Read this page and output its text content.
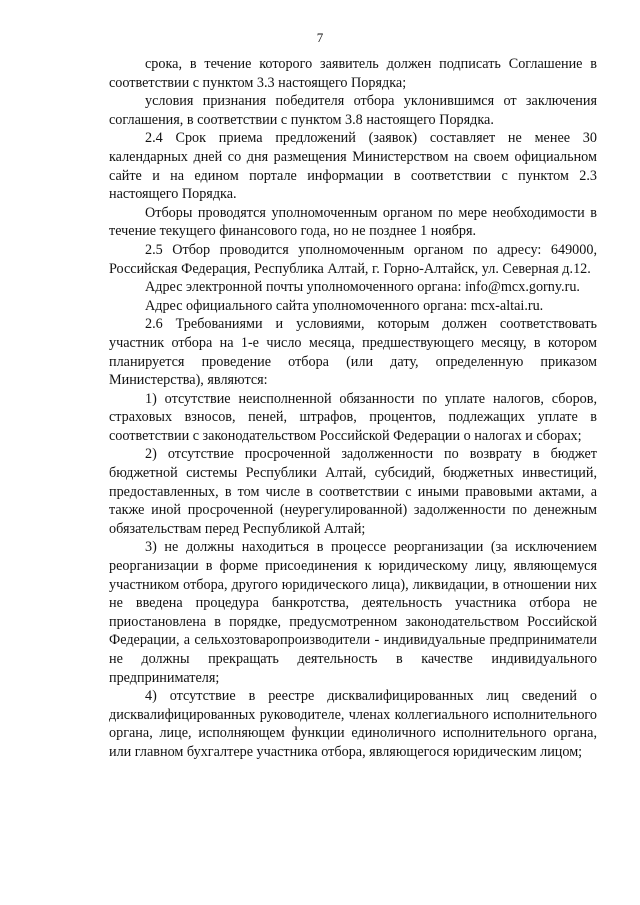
7

срока, в течение которого заявитель должен подписать Соглашение в соответствии с пунктом 3.3 настоящего Порядка;

условия признания победителя отбора уклонившимся от заключения соглашения, в соответствии с пунктом 3.8 настоящего Порядка.

2.4 Срок приема предложений (заявок) составляет не менее 30 календарных дней со дня размещения Министерством на своем официальном сайте и на едином портале информации в соответствии с пунктом 2.3 настоящего Порядка.

Отборы проводятся уполномоченным органом по мере необходимости в течение текущего финансового года, но не позднее 1 ноября.

2.5 Отбор проводится уполномоченным органом по адресу: 649000, Российская Федерация, Республика Алтай, г. Горно-Алтайск, ул. Северная д.12.

Адрес электронной почты уполномоченного органа: info@mcx.gorny.ru.

Адрес официального сайта уполномоченного органа: mcx-altai.ru.

2.6 Требованиями и условиями, которым должен соответствовать участник отбора на 1-е число месяца, предшествующего месяцу, в котором планируется проведение отбора (или дату, определенную приказом Министерства), являются:

1) отсутствие неисполненной обязанности по уплате налогов, сборов, страховых взносов, пеней, штрафов, процентов, подлежащих уплате в соответствии с законодательством Российской Федерации о налогах и сборах;

2) отсутствие просроченной задолженности по возврату в бюджет бюджетной системы Республики Алтай, субсидий, бюджетных инвестиций, предоставленных, в том числе в соответствии с иными правовыми актами, а также иной просроченной (неурегулированной) задолженности по денежным обязательствам перед Республикой Алтай;

3) не должны находиться в процессе реорганизации (за исключением реорганизации в форме присоединения к юридическому лицу, являющемуся участником отбора, другого юридического лица), ликвидации, в отношении них не введена процедура банкротства, деятельность участника отбора не приостановлена в порядке, предусмотренном законодательством Российской Федерации, а сельхозтоваропроизводители - индивидуальные предприниматели не должны прекращать деятельность в качестве индивидуального предпринимателя;

4) отсутствие в реестре дисквалифицированных лиц сведений о дисквалифицированных руководителе, членах коллегиального исполнительного органа, лице, исполняющем функции единоличного исполнительного органа, или главном бухгалтере участника отбора, являющегося юридическим лицом;
